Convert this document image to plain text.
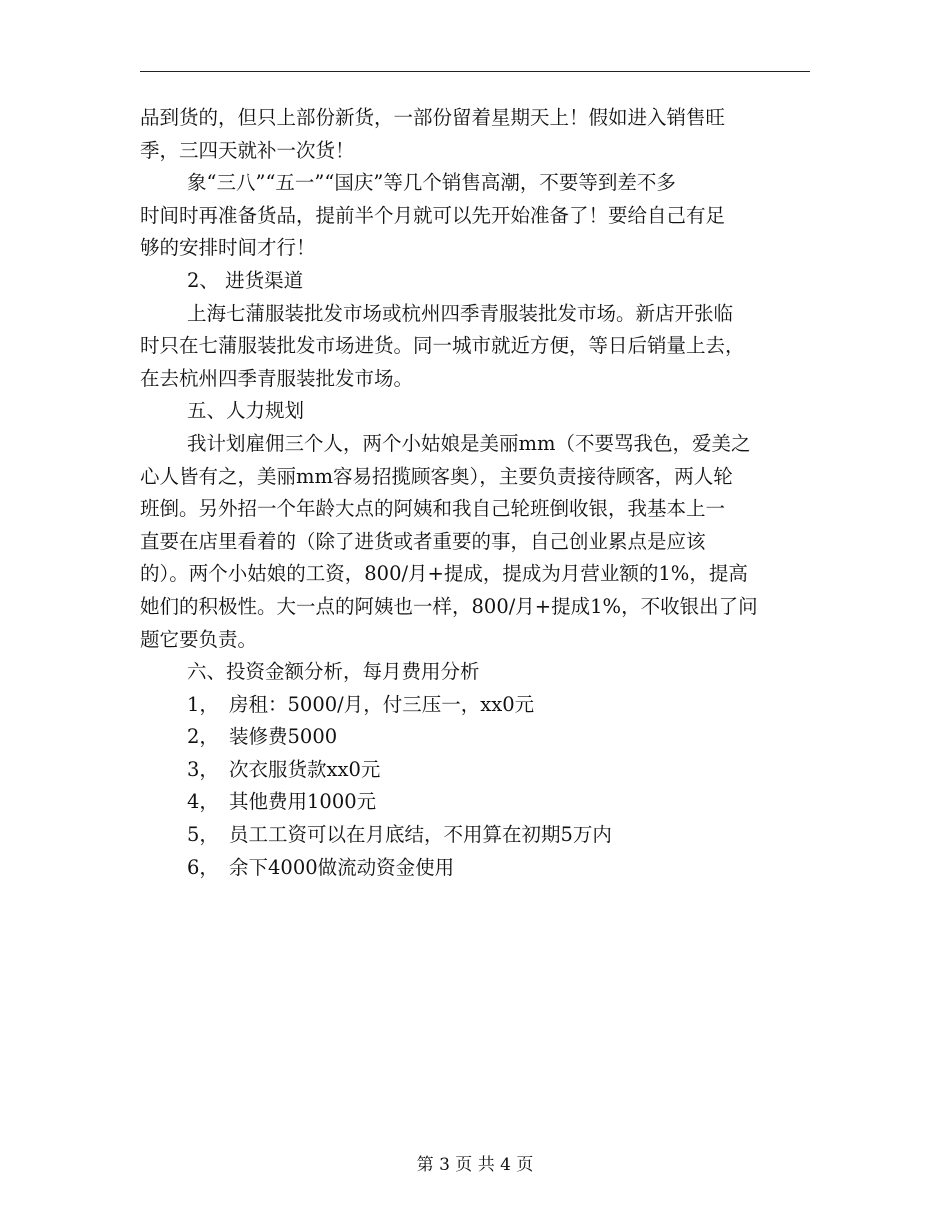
品到货的，但只上部份新货，一部份留着星期天上！假如进入销售旺
季，三四天就补一次货！
象“三八”“五一”“国庆”等几个销售高潮，不要等到差不多
时间时再准备货品，提前半个月就可以先开始准备了！要给自己有足
够的安排时间才行！
2、 进货渠道
上海七蒲服装批发市场或杭州四季青服装批发市场。新店开张临
时只在七蒲服装批发市场进货。同一城市就近方便，等日后销量上去，
在去杭州四季青服装批发市场。
五、人力规划
我计划雇佣三个人，两个小姑娘是美丽mm（不要骂我色，爱美之
心人皆有之，美丽mm容易招揽顾客奥），主要负责接待顾客，两人轮
班倒。另外招一个年龄大点的阿姨和我自己轮班倒收银，我基本上一
直要在店里看着的（除了进货或者重要的事，自己创业累点是应该
的）。两个小姑娘的工资，800/月+提成，提成为月营业额的1%，提高
她们的积极性。大一点的阿姨也一样，800/月+提成1%，不收银出了问
题它要负责。
六、投资金额分析，每月费用分析
1， 房租：5000/月，付三压一，xx0元
2， 装修费5000
3， 次衣服货款xx0元
4， 其他费用1000元
5， 员工工资可以在月底结，不用算在初期5万内
6， 余下4000做流动资金使用
第 3 页 共 4 页
